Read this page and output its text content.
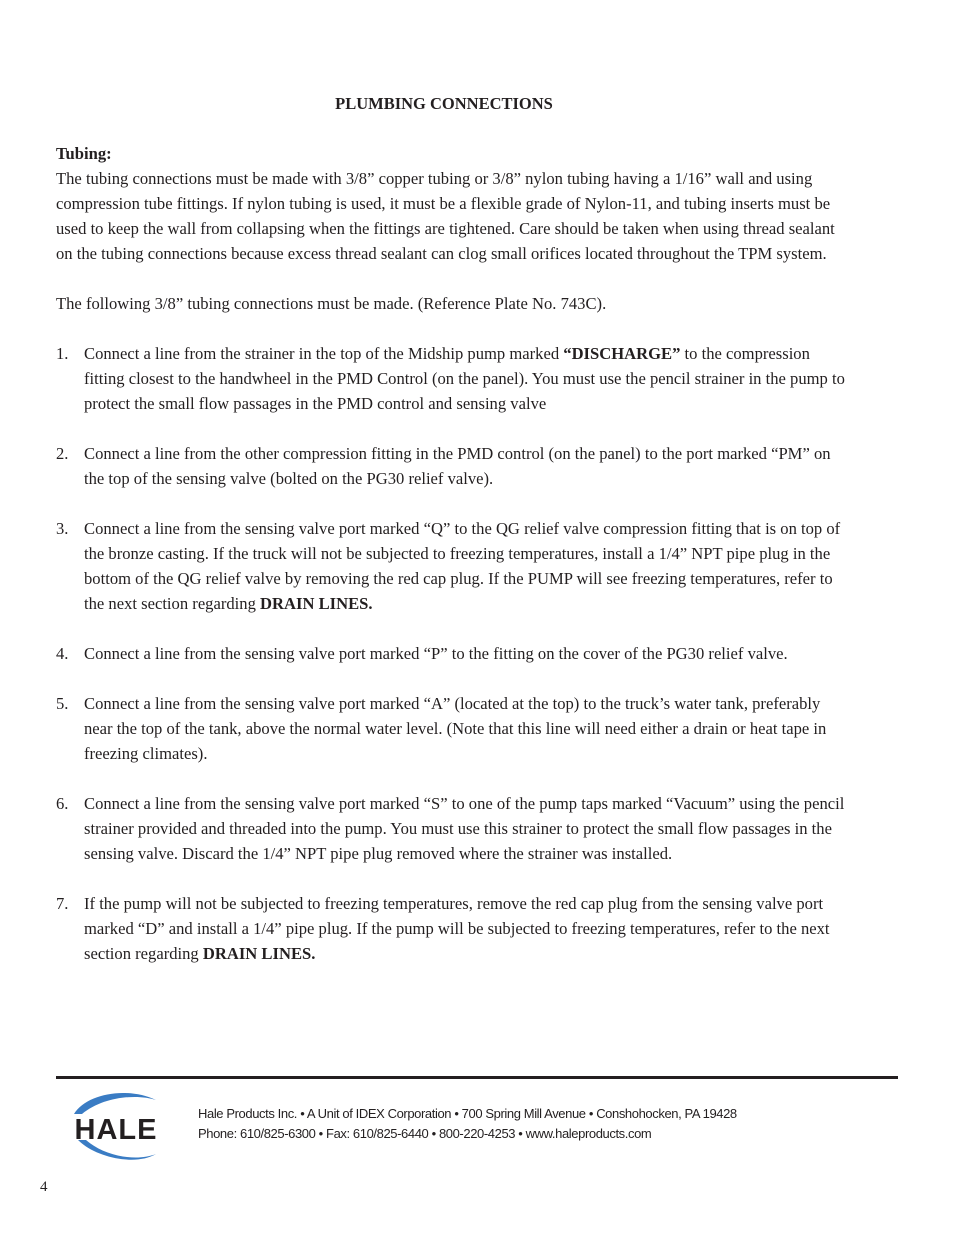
PLUMBING CONNECTIONS

Tubing:

The tubing connections must be made with 3/8” copper tubing or 3/8” nylon tubing having a 1/16” wall and using compression tube fittings. If nylon tubing is used, it must be a flexible grade of Nylon-11, and tubing inserts must be used to keep the wall from collapsing when the fittings are tightened. Care should be taken when using thread sealant on the tubing connections because excess thread sealant can clog small orifices located throughout the TPM system.

The following 3/8” tubing connections must be made. (Reference Plate No. 743C).

1. Connect a line from the strainer in the top of the Midship pump marked “DISCHARGE” to the compression fitting closest to the handwheel in the PMD Control (on the panel). You must use the pencil strainer in the pump to protect the small flow passages in the PMD control and sensing valve
2. Connect a line from the other compression fitting in the PMD control (on the panel) to the port marked “PM” on the top of the sensing valve (bolted on the PG30 relief valve).
3. Connect a line from the sensing valve port marked “Q” to the QG relief valve compression fitting that is on top of the bronze casting. If the truck will not be subjected to freezing temperatures, install a 1/4” NPT pipe plug in the bottom of the QG relief valve by removing the red cap plug. If the PUMP will see freezing temperatures, refer to the next section regarding DRAIN LINES.
4. Connect a line from the sensing valve port marked “P” to the fitting on the cover of the PG30 relief valve.
5. Connect a line from the sensing valve port marked “A” (located at the top) to the truck’s water tank, preferably near the top of the tank, above the normal water level. (Note that this line will need either a drain or heat tape in freezing climates).
6. Connect a line from the sensing valve port marked “S” to one of the pump taps marked “Vacuum” using the pencil strainer provided and threaded into the pump. You must use this strainer to protect the small flow passages in the sensing valve. Discard the 1/4” NPT pipe plug removed where the strainer was installed.
7. If the pump will not be subjected to freezing temperatures, remove the red cap plug from the sensing valve port marked “D” and install a 1/4” pipe plug. If the pump will be subjected to freezing temperatures, refer to the next section regarding DRAIN LINES.
HALE
Hale Products Inc. • A Unit of IDEX Corporation • 700 Spring Mill Avenue • Conshohocken, PA 19428
Phone: 610/825-6300 • Fax: 610/825-6440 • 800-220-4253 • www.haleproducts.com
4
